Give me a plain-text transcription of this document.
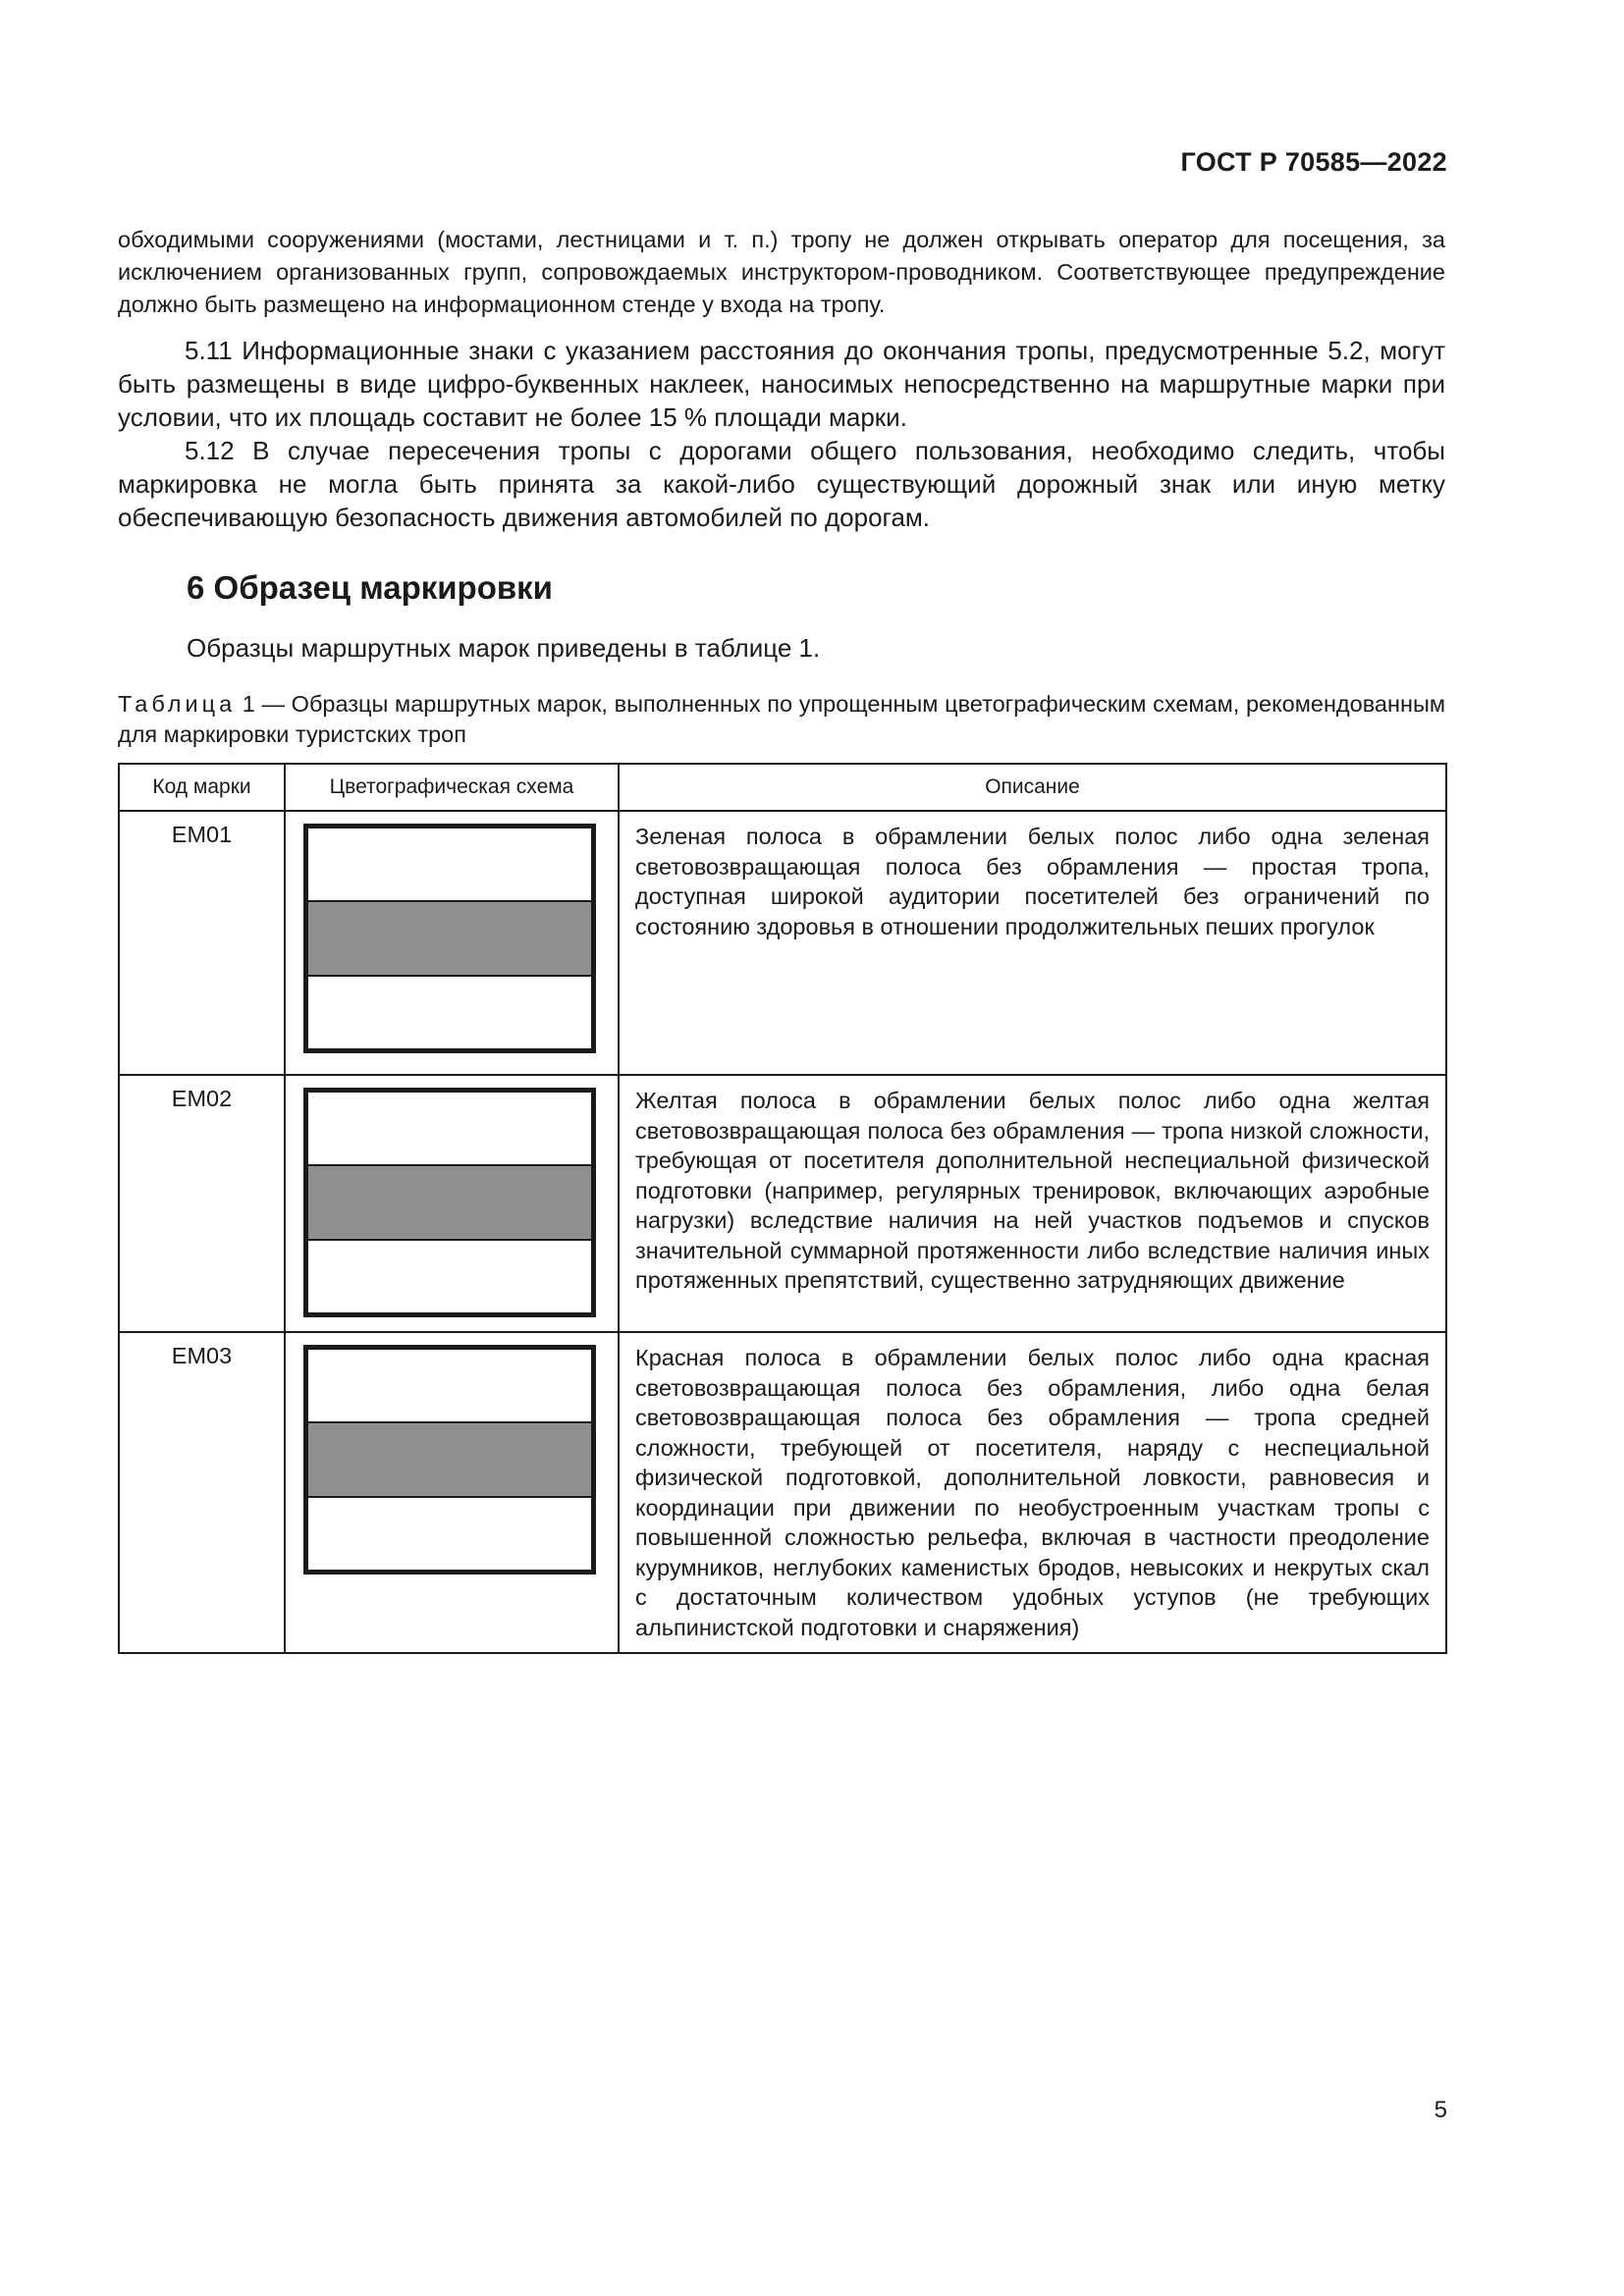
ГОСТ Р 70585—2022

обходимыми сооружениями (мостами, лестницами и т. п.) тропу не должен открывать оператор для посещения, за исключением организованных групп, сопровождаемых инструктором-проводником. Соответствующее предупреждение должно быть размещено на информационном стенде у входа на тропу.

5.11 Информационные знаки с указанием расстояния до окончания тропы, предусмотренные 5.2, могут быть размещены в виде цифро-буквенных наклеек, наносимых непосредственно на маршрутные марки при условии, что их площадь составит не более 15 % площади марки.

5.12 В случае пересечения тропы с дорогами общего пользования, необходимо следить, чтобы маркировка не могла быть принята за какой-либо существующий дорожный знак или иную метку обеспечивающую безопасность движения автомобилей по дорогам.

6 Образец маркировки
Образцы маршрутных марок приведены в таблице 1.
Таблица 1 — Образцы маршрутных марок, выполненных по упрощенным цветографическим схемам, рекомендованным для маркировки туристских троп
Код марки	Цветографическая схема	Описание
ЕМ01		Зеленая полоса в обрамлении белых полос либо одна зеленая световозвращающая полоса без обрамления — простая тропа, доступная широкой аудитории посетителей без ограничений по состоянию здоровья в отношении продолжительных пеших прогулок
ЕМ02		Желтая полоса в обрамлении белых полос либо одна желтая световозвращающая полоса без обрамления — тропа низкой сложности, требующая от посетителя дополнительной неспециальной физической подготовки (например, регулярных тренировок, включающих аэробные нагрузки) вследствие наличия на ней участков подъемов и спусков значительной суммарной протяженности либо вследствие наличия иных протяженных препятствий, существенно затрудняющих движение
ЕМ03		Красная полоса в обрамлении белых полос либо одна красная световозвращающая полоса без обрамления, либо одна белая световозвращающая полоса без обрамления — тропа средней сложности, требующей от посетителя, наряду с неспециальной физической подготовкой, дополнительной ловкости, равновесия и координации при движении по необустроенным участкам тропы с повышенной сложностью рельефа, включая в частности преодоление курумников, неглубоких каменистых бродов, невысоких и некрутых скал с достаточным количеством удобных уступов (не требующих альпинистской подготовки и снаряжения)
5
